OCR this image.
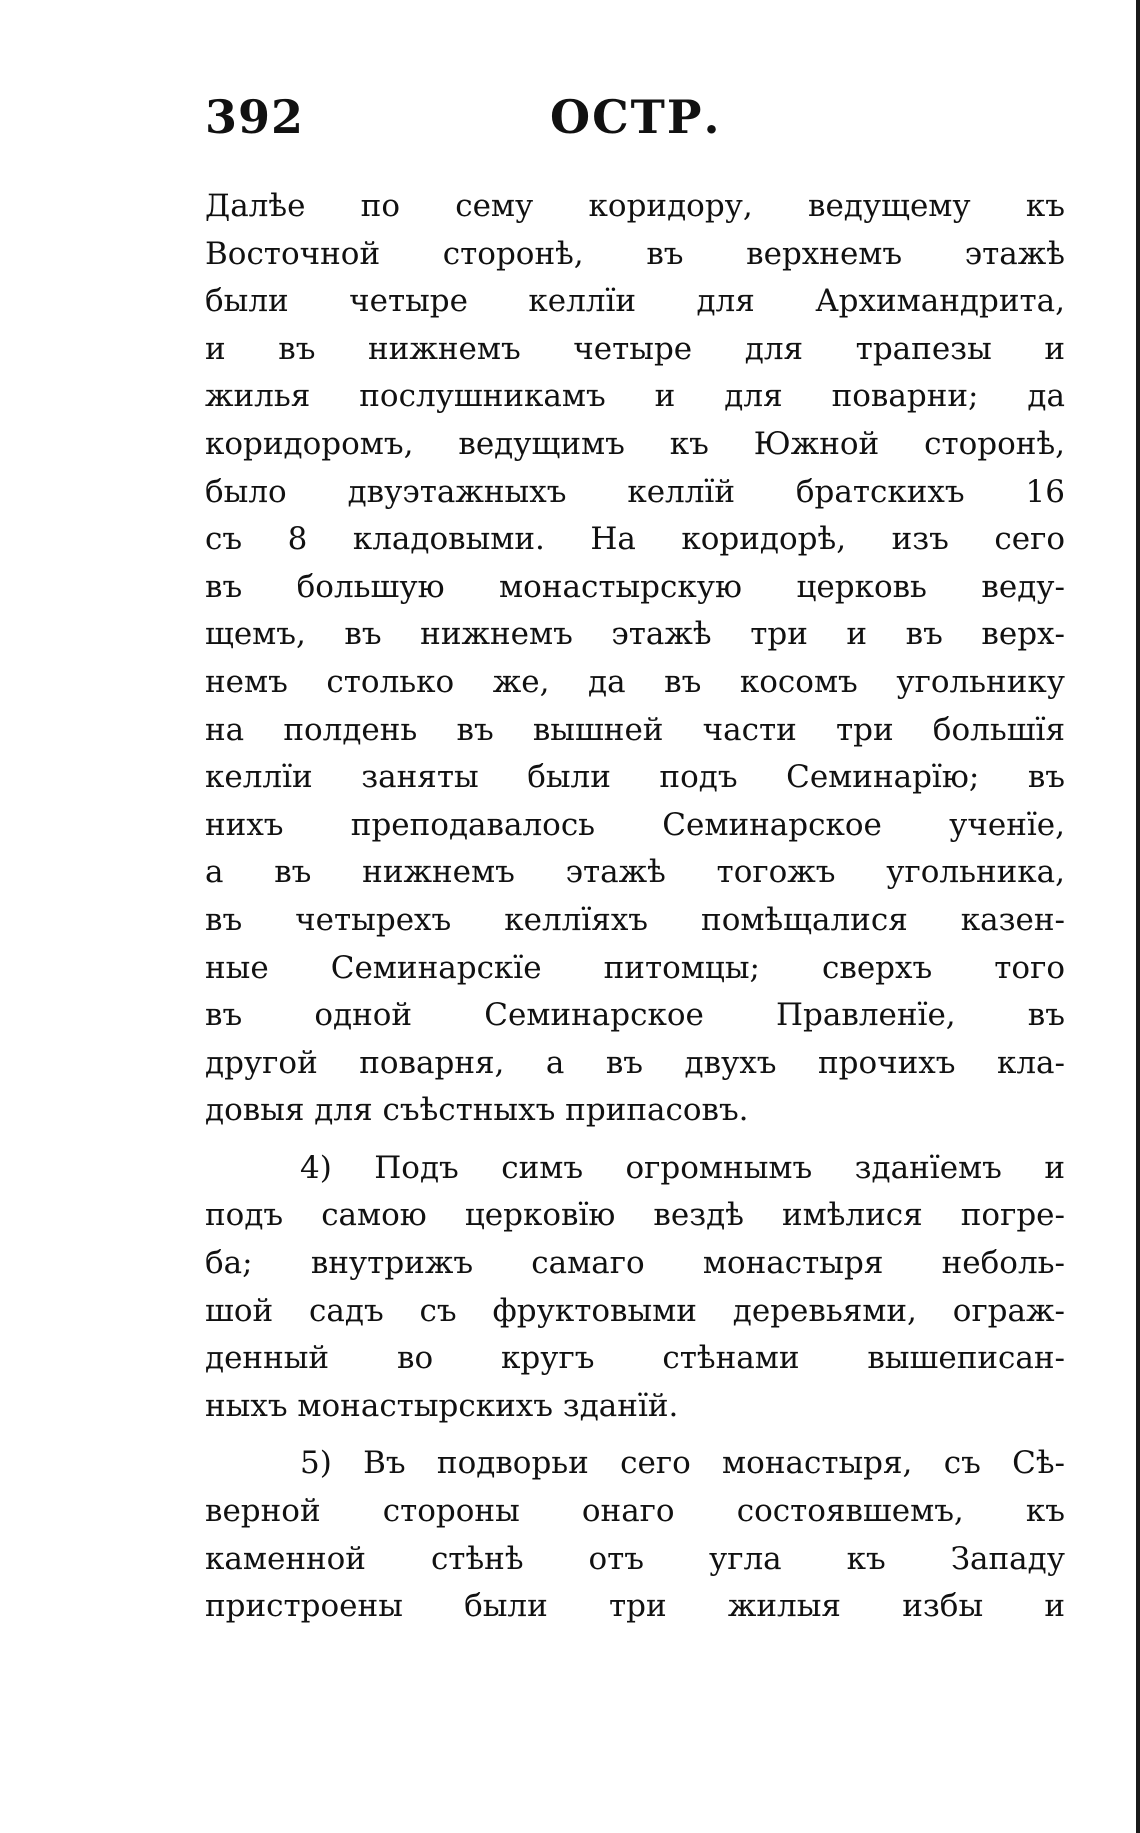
392	ОСТР.
Далѣе по сему коридору, ведущему къ
Восточной сторонѣ, въ верхнемъ этажѣ
были четыре келлїи для Архимандрита,
и въ нижнемъ четыре для трапезы и
жилья послушникамъ и для поварни; да
коридоромъ, ведущимъ къ Южной сторонѣ,
было двуэтажныхъ келлїй братскихъ 16
съ 8 кладовыми. На коридорѣ, изъ сего
въ большую монастырскую церковь веду-
щемъ, въ нижнемъ этажѣ три и въ верх-
немъ столько же, да въ косомъ угольнику
на полдень въ вышней части три большїя
келлїи заняты были подъ Семинарїю; въ
нихъ преподавалось Семинарское ученїе,
а въ нижнемъ этажѣ тогожъ угольника,
въ четырехъ келлїяхъ помѣщалися казен-
ные Семинарскїе питомцы; сверхъ того
въ одной Семинарское Правленїе, въ
другой поварня, а въ двухъ прочихъ кла-
довыя для съѣстныхъ припасовъ.
4) Подъ симъ огромнымъ зданїемъ и
подъ самою церковїю вездѣ имѣлися погре-
ба; внутрижъ самаго монастыря неболь-
шой садъ съ фруктовыми деревьями, ограж-
денный во кругъ стѣнами вышеписан-
ныхъ монастырскихъ зданїй.
5) Въ подворьи сего монастыря, съ Сѣ-
верной стороны онаго состоявшемъ, къ
каменной стѣнѣ отъ угла къ Западу
пристроены были три жилыя избы и
